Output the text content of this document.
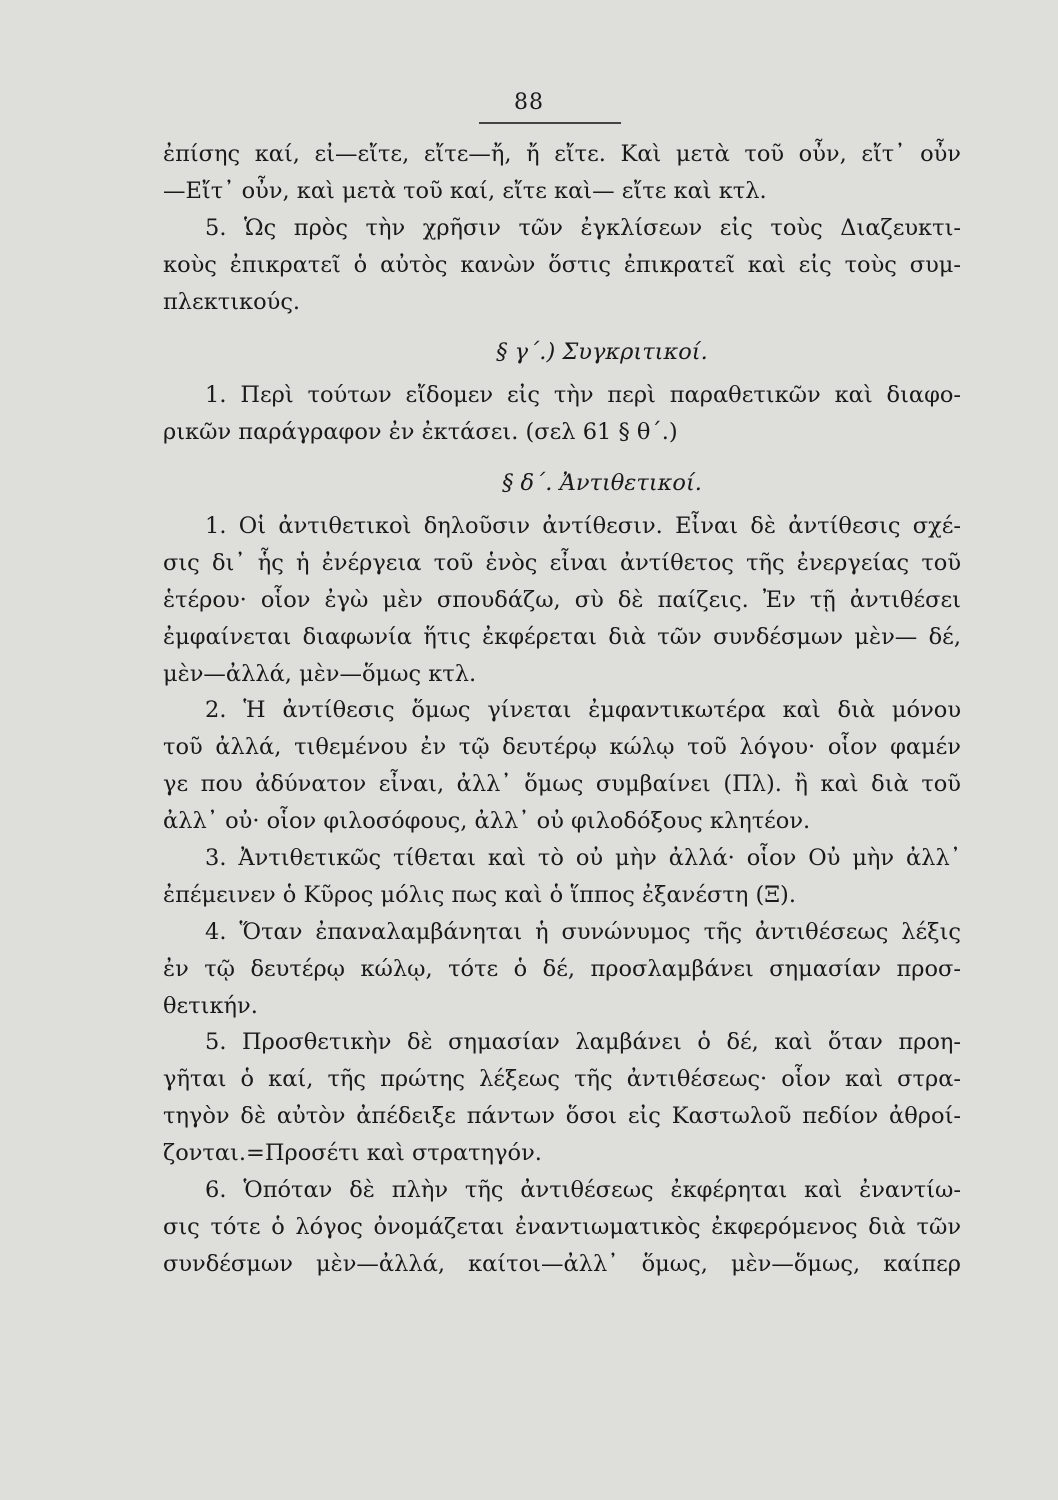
88
ἐπίσης καί, εἰ—εἴτε, εἴτε—ἤ, ἤ εἴτε. Καὶ μετὰ τοῦ οὖν, εἴτ᾽ οὖν
—Εἴτ᾽ οὖν, καὶ μετὰ τοῦ καί, εἴτε καὶ— εἴτε καὶ κτλ.
5. Ὡς πρὸς τὴν χρῆσιν τῶν ἐγκλίσεων εἰς τοὺς Διαζευκτι-
κοὺς ἐπικρατεῖ ὁ αὐτὸς κανὼν ὅστις ἐπικρατεῖ καὶ εἰς τοὺς συμ-
πλεκτικούς.
§ γ΄.) Συγκριτικοί.
1. Περὶ τούτων εἴδομεν εἰς τὴν περὶ παραθετικῶν καὶ διαφο-
ρικῶν παράγραφον ἐν ἐκτάσει. (σελ 61 § θ΄.)
§ δ΄. Ἀντιθετικοί.
1. Οἱ ἀντιθετικοὶ δηλοῦσιν ἀντίθεσιν. Εἶναι δὲ ἀντίθεσις σχέ-
σις δι᾽ ἧς ἡ ἐνέργεια τοῦ ἑνὸς εἶναι ἀντίθετος τῆς ἐνεργείας τοῦ
ἑτέρου· οἷον ἐγὼ μὲν σπουδάζω, σὺ δὲ παίζεις. Ἐν τῇ ἀντιθέσει
ἐμφαίνεται διαφωνία ἥτις ἐκφέρεται διὰ τῶν συνδέσμων μὲν— δέ,
μὲν—ἀλλά, μὲν—ὅμως κτλ.
2. Ἡ ἀντίθεσις ὅμως γίνεται ἐμφαντικωτέρα καὶ διὰ μόνου
τοῦ ἀλλά, τιθεμένου ἐν τῷ δευτέρῳ κώλῳ τοῦ λόγου· οἷον φαμέν
γε που ἀδύνατον εἶναι, ἀλλ᾽ ὅμως συμβαίνει (Πλ). ἢ καὶ διὰ τοῦ
ἀλλ᾽ οὐ· οἷον φιλοσόφους, ἀλλ᾽ οὐ φιλοδόξους κλητέον.
3. Ἀντιθετικῶς τίθεται καὶ τὸ οὐ μὴν ἀλλά· οἷον Οὐ μὴν ἀλλ᾽
ἐπέμεινεν ὁ Κῦρος μόλις πως καὶ ὁ ἵππος ἐξανέστη (Ξ).
4. Ὅταν ἐπαναλαμβάνηται ἡ συνώνυμος τῆς ἀντιθέσεως λέξις
ἐν τῷ δευτέρῳ κώλῳ, τότε ὁ δέ, προσλαμβάνει σημασίαν προσ-
θετικήν.
5. Προσθετικὴν δὲ σημασίαν λαμβάνει ὁ δέ, καὶ ὅταν προη-
γῆται ὁ καί, τῆς πρώτης λέξεως τῆς ἀντιθέσεως· οἷον καὶ στρα-
τηγὸν δὲ αὐτὸν ἀπέδειξε πάντων ὅσοι εἰς Καστωλοῦ πεδίον ἀθροί-
ζονται.=Προσέτι καὶ στρατηγόν.
6. Ὁπόταν δὲ πλὴν τῆς ἀντιθέσεως ἐκφέρηται καὶ ἐναντίω-
σις τότε ὁ λόγος ὀνομάζεται ἐναντιωματικὸς ἐκφερόμενος διὰ τῶν
συνδέσμων μὲν—ἀλλά, καίτοι—ἀλλ᾽ ὅμως, μὲν—ὅμως, καίπερ
